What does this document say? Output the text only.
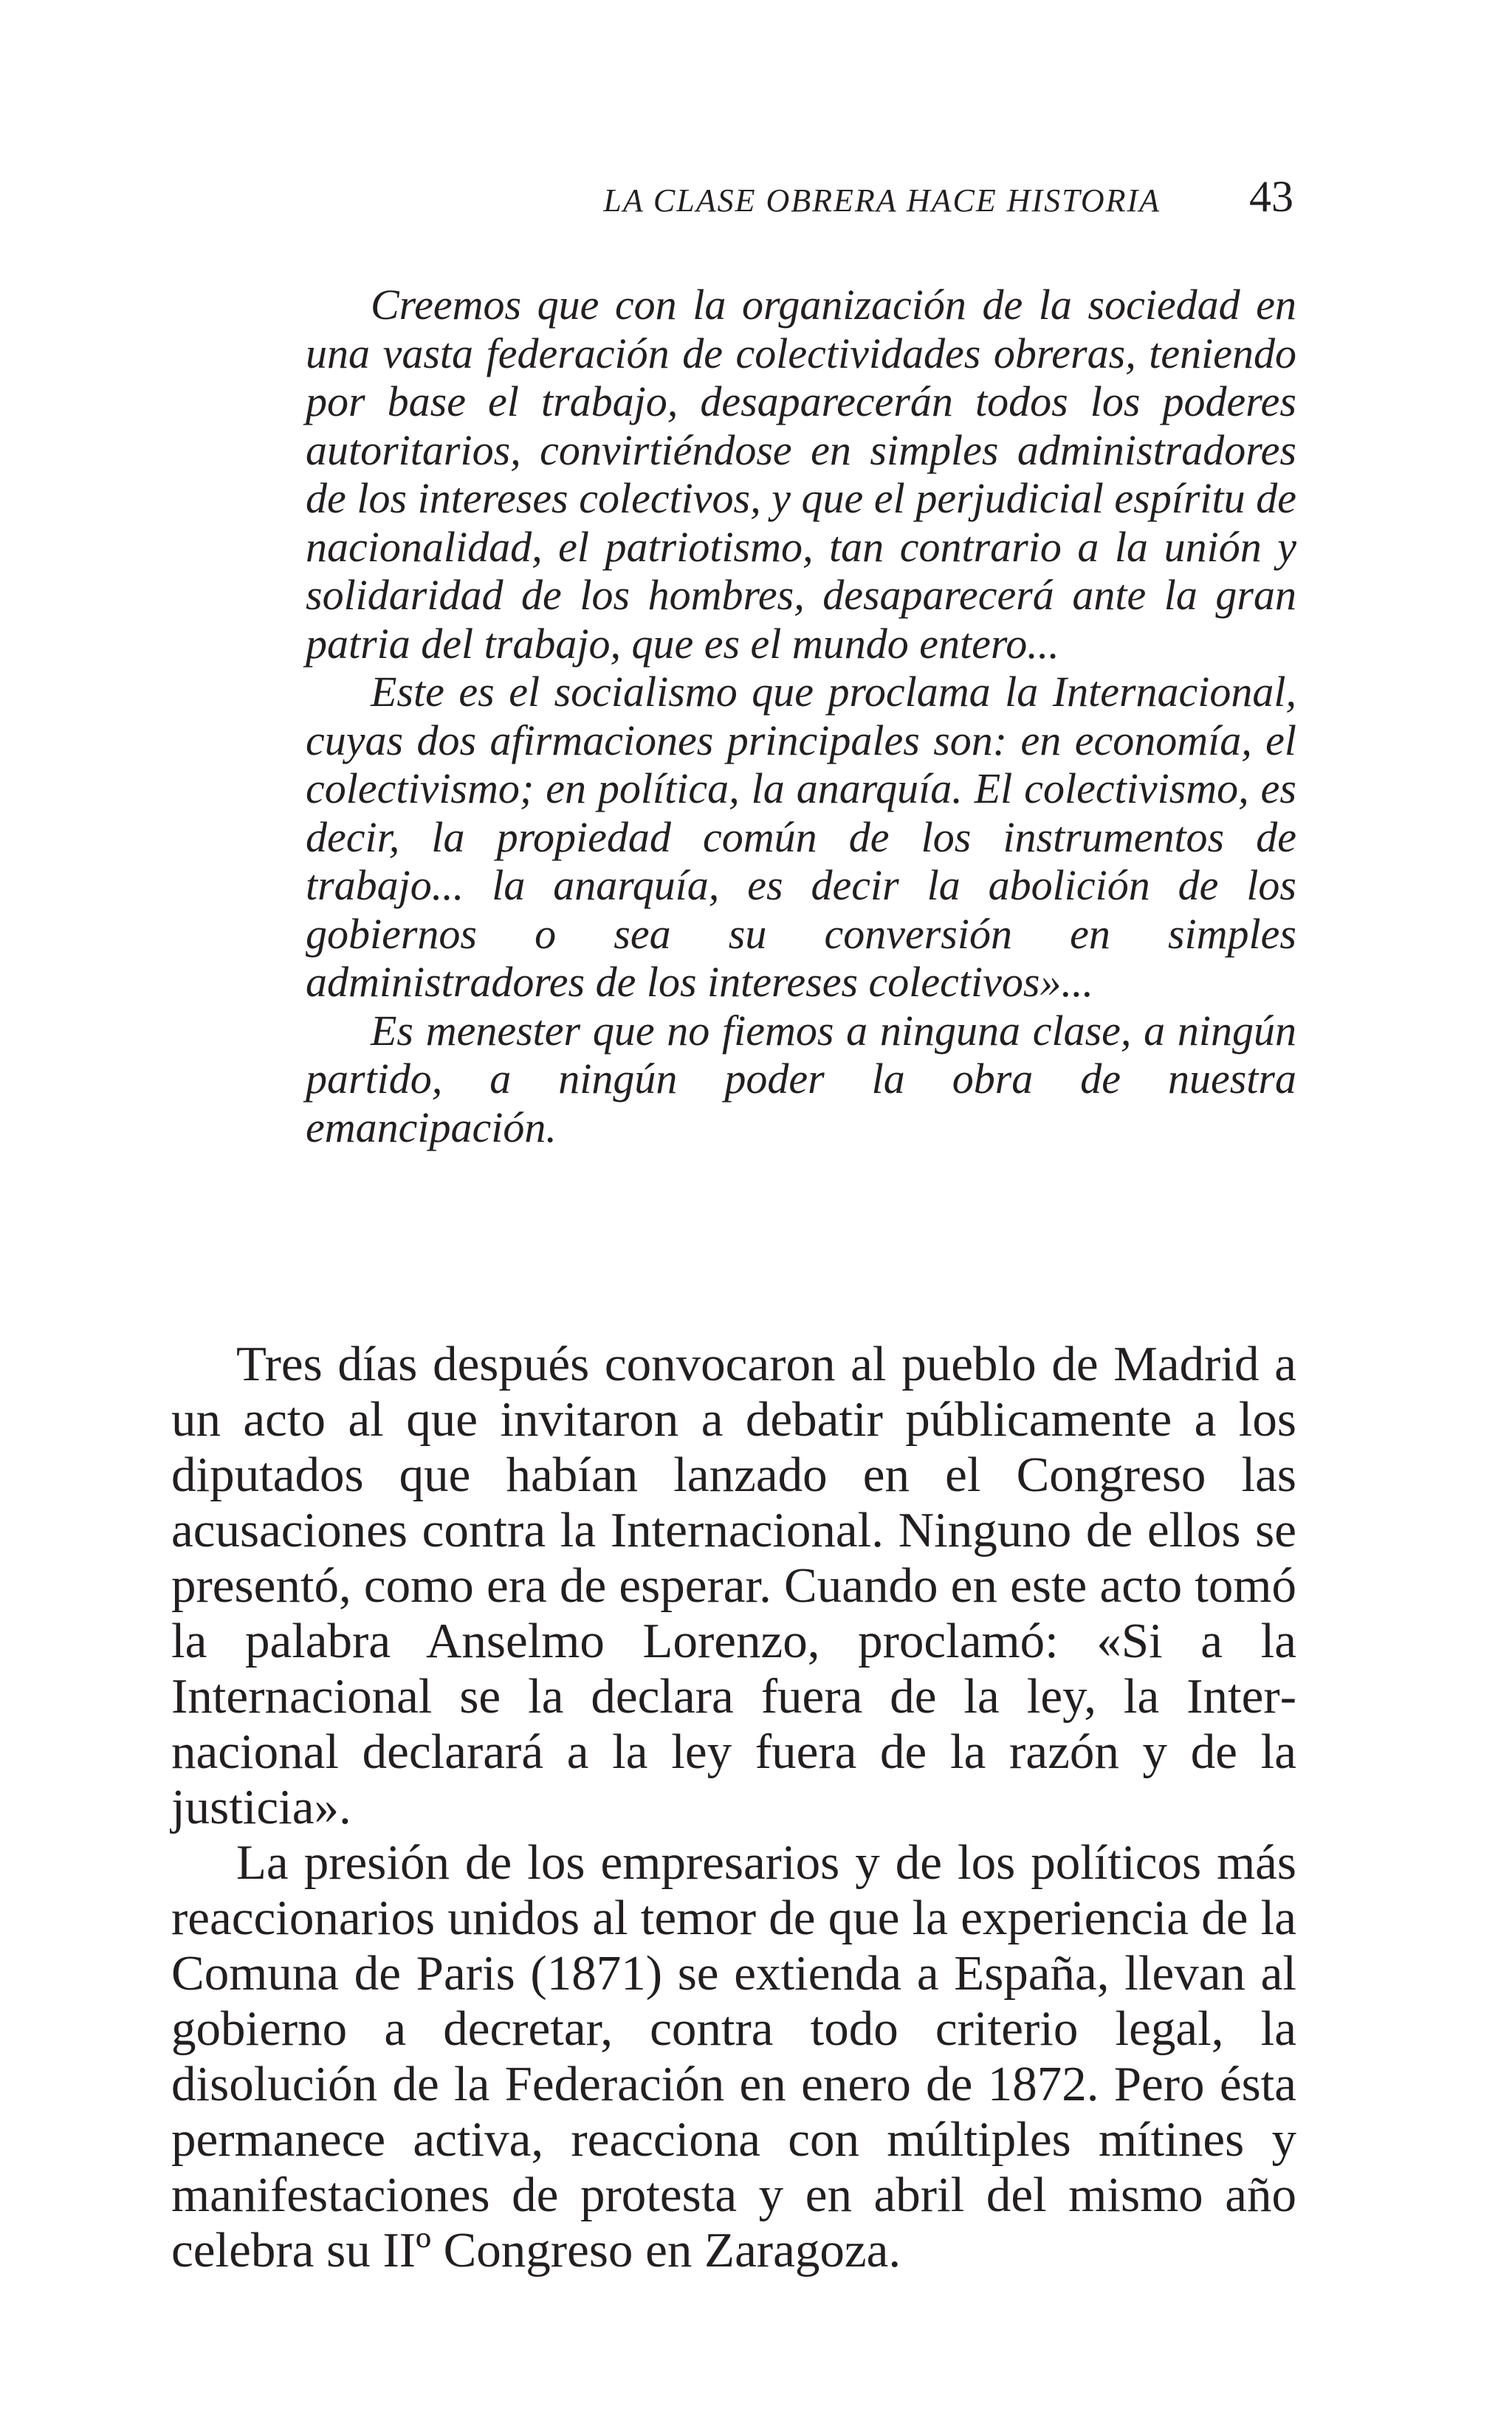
LA CLASE OBRERA HACE HISTORIA 43

Creemos que con la organización de la sociedad en una vasta federación de colectividades obreras, teniendo por base el trabajo, desaparecerán todos los poderes autoritarios, convirtiéndose en simples administradores de los intereses colectivos, y que el perjudicial espíritu de nacionalidad, el patriotismo, tan contrario a la unión y solidaridad de los hombres, desaparecerá ante la gran patria del trabajo, que es el mundo entero...

Este es el socialismo que proclama la Internacional, cuyas dos afirmaciones principales son: en economía, el colectivismo; en política, la anarquía. El colectivismo, es decir, la propiedad común de los instrumentos de trabajo... la anarquía, es decir la abolición de los gobiernos o sea su conversión en simples administradores de los intereses colectivos»...

Es menester que no fiemos a ninguna clase, a ningún partido, a ningún poder la obra de nuestra emancipación.

Tres días después convocaron al pueblo de Madrid a un acto al que invitaron a debatir públicamente a los diputados que habían lanzado en el Congreso las acusaciones contra la Internacional. Ninguno de ellos se presentó, como era de esperar. Cuando en este acto tomó la palabra Anselmo Lorenzo, proclamó: «Si a la Internacional se la declara fuera de la ley, la Internacional declarará a la ley fuera de la razón y de la justicia».

La presión de los empresarios y de los políticos más reaccionarios unidos al temor de que la experiencia de la Comuna de Paris (1871) se extienda a España, llevan al gobierno a decretar, contra todo criterio legal, la disolución de la Federación en enero de 1872. Pero ésta permanece activa, reacciona con múltiples mítines y manifestaciones de protesta y en abril del mismo año celebra su IIº Congreso en Zaragoza.
